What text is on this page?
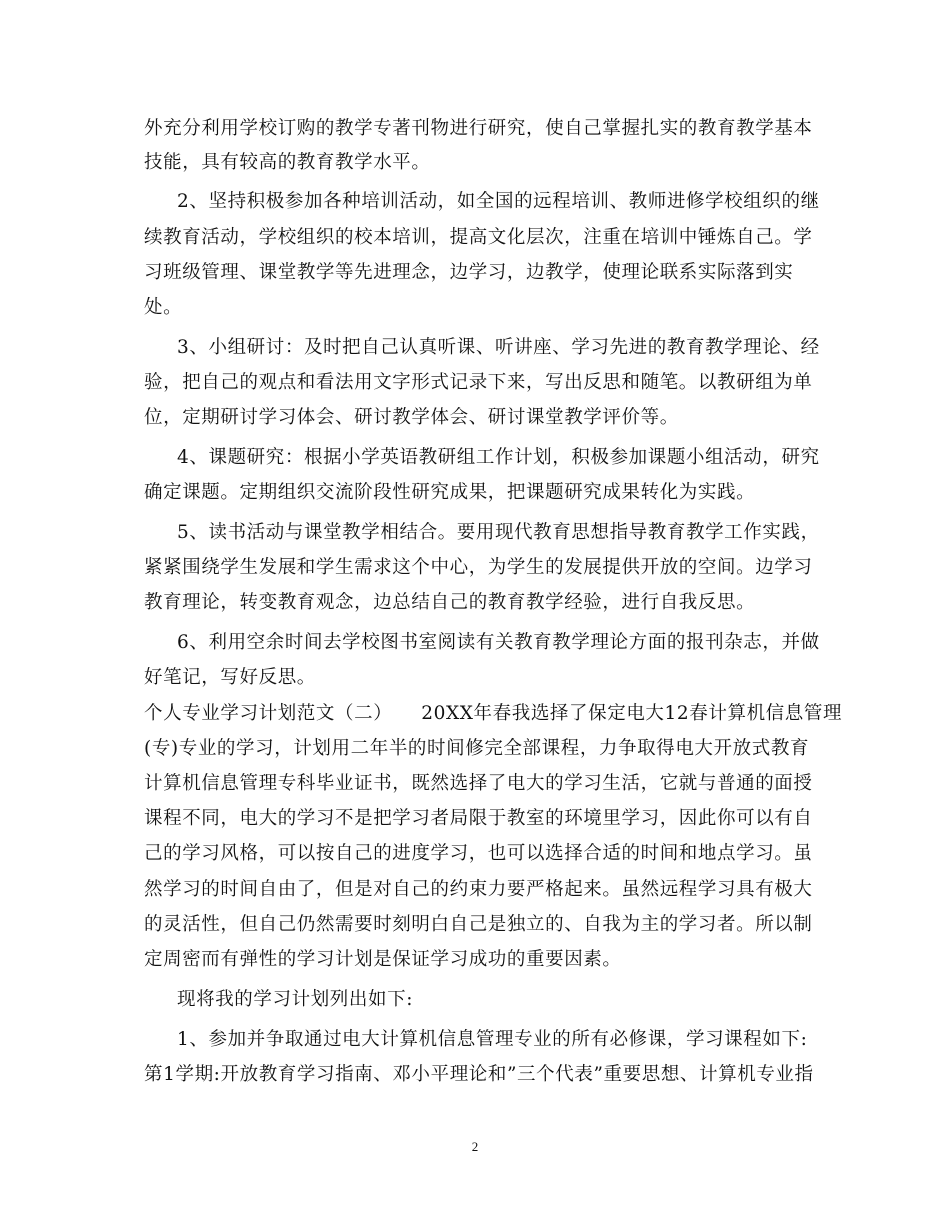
外充分利用学校订购的教学专著刊物进行研究，使自己掌握扎实的教育教学基本
技能，具有较高的教育教学水平。
2、坚持积极参加各种培训活动，如全国的远程培训、教师进修学校组织的继
续教育活动，学校组织的校本培训，提高文化层次，注重在培训中锤炼自己。学
习班级管理、课堂教学等先进理念，边学习，边教学，使理论联系实际落到实
处。
3、小组研讨：及时把自己认真听课、听讲座、学习先进的教育教学理论、经
验，把自己的观点和看法用文字形式记录下来，写出反思和随笔。以教研组为单
位，定期研讨学习体会、研讨教学体会、研讨课堂教学评价等。
4、课题研究：根据小学英语教研组工作计划，积极参加课题小组活动，研究
确定课题。定期组织交流阶段性研究成果，把课题研究成果转化为实践。
5、读书活动与课堂教学相结合。要用现代教育思想指导教育教学工作实践，
紧紧围绕学生发展和学生需求这个中心，为学生的发展提供开放的空间。边学习
教育理论，转变教育观念，边总结自己的教育教学经验，进行自我反思。
6、利用空余时间去学校图书室阅读有关教育教学理论方面的报刊杂志，并做
好笔记，写好反思。
个人专业学习计划范文（二）　　20XX年春我选择了保定电大12春计算机信息管理
(专)专业的学习，计划用二年半的时间修完全部课程，力争取得电大开放式教育
计算机信息管理专科毕业证书，既然选择了电大的学习生活，它就与普通的面授
课程不同，电大的学习不是把学习者局限于教室的环境里学习，因此你可以有自
己的学习风格，可以按自己的进度学习，也可以选择合适的时间和地点学习。虽
然学习的时间自由了，但是对自己的约束力要严格起来。虽然远程学习具有极大
的灵活性，但自己仍然需要时刻明白自己是独立的、自我为主的学习者。所以制
定周密而有弹性的学习计划是保证学习成功的重要因素。
现将我的学习计划列出如下:
1、参加并争取通过电大计算机信息管理专业的所有必修课，学习课程如下:
第1学期:开放教育学习指南、邓小平理论和”三个代表”重要思想、计算机专业指
2
